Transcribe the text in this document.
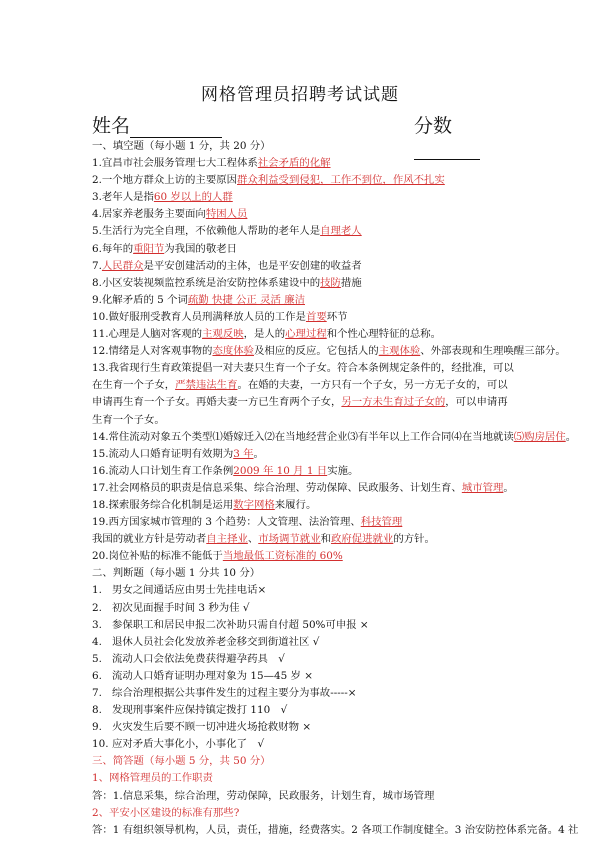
网格管理员招聘考试试题
姓名	分数
一、填空题（每小题 1 分，共 20 分）
1.宜昌市社会服务管理七大工程体系社会矛盾的化解
2.一个地方群众上访的主要原因群众利益受到侵犯，工作不到位，作风不扎实
3.老年人是指60 岁以上的人群
4.居家养老服务主要面向特困人员
5.生活行为完全自理，不依赖他人帮助的老年人是自理老人
6.每年的重阳节为我国的敬老日
7.人民群众是平安创建活动的主体，也是平安创建的收益者
8.小区安装视频监控系统是治安防控体系建设中的技防措施
9.化解矛盾的 5 个词疏勤 快捷 公正 灵活 廉洁
10.做好服刑受教育人员刑满释放人员的工作是首要环节
11.心理是人脑对客观的主观反映，是人的心理过程和个性心理特征的总称。
12.情绪是人对客观事物的态度体验及相应的反应。它包括人的主观体验、外部表现和生理唤醒三部分。
13.我省现行生育政策提倡一对夫妻只生育一个子女。符合本条例规定条件的，经批准，可以在生育一个子女，严禁违法生育。在婚的夫妻，一方只有一个子女，另一方无子女的，可以申请再生育一个子女。再婚夫妻一方已生育两个子女，另一方未生育过子女的，可以申请再生育一个子女。
14.常住流动对象五个类型⑴婚嫁迁入⑵在当地经营企业⑶有半年以上工作合同⑷在当地就读⑸购房居住。
15.流动人口婚育证明有效期为3 年。
16.流动人口计划生育工作条例2009 年 10 月 1 日实施。
17.社会网格员的职责是信息采集、综合治理、劳动保障、民政服务、计划生育、城市管理。
18.探索服务综合化机制是运用数字网格来履行。
19.西方国家城市管理的 3 个趋势：人文管理、法治管理、科技管理
我国的就业方针是劳动者自主择业、市场调节就业和政府促进就业的方针。
20.岗位补贴的标准不能低于当地最低工资标准的 60%
二、判断题（每小题 1 分共 10 分）
1. 男女之间通话应由男士先挂电话×
2. 初次见面握手时间 3 秒为佳 √
3. 参保职工和居民申报二次补助只需自付超 50%可申报 ×
4. 退休人员社会化发放养老金移交到街道社区 √
5. 流动人口会依法免费获得避孕药具　√
6. 流动人口婚育证明办理对象为 15—45 岁 ×
7. 综合治理根据公共事件发生的过程主要分为事故-----×
8. 发现刑事案件应保持镇定拨打 110　√
9. 火灾发生后要不顾一切冲进火场抢救财物 ×
10. 应对矛盾大事化小，小事化了　√
三、简答题（每小题 5 分，共 50 分）
1、网格管理员的工作职责
答：1.信息采集，综合治理，劳动保障，民政服务，计划生育，城市场管理
2、平安小区建设的标准有那些?
答：1 有组织领导机构，人员，责任，措施，经费落实。2 各项工作制度健全。3 治安防控体系完备。4 社
